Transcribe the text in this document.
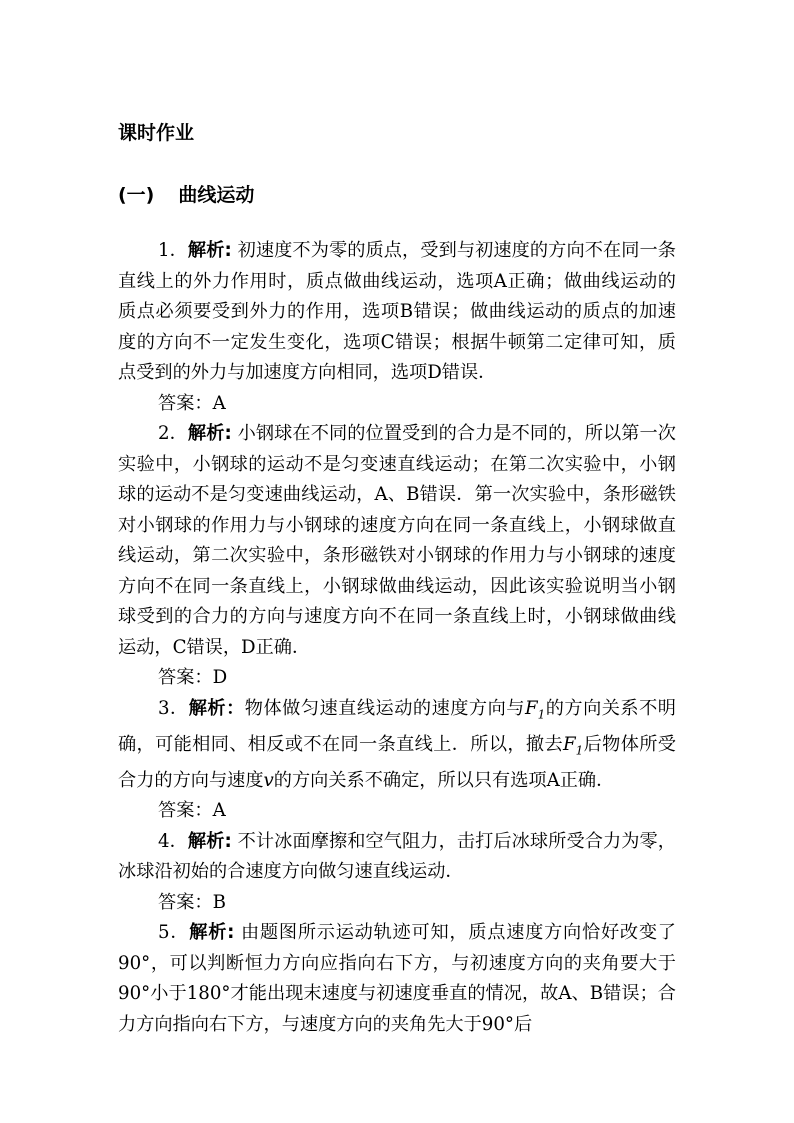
课时作业
(一) 曲线运动

1．解析: 初速度不为零的质点，受到与初速度的方向不在同一条直线上的外力作用时，质点做曲线运动，选项A正确；做曲线运动的质点必须要受到外力的作用，选项B错误；做曲线运动的质点的加速度的方向不一定发生变化，选项C错误；根据牛顿第二定律可知，质点受到的外力与加速度方向相同，选项D错误．

答案：A

2．解析: 小钢球在不同的位置受到的合力是不同的，所以第一次实验中，小钢球的运动不是匀变速直线运动；在第二次实验中，小钢球的运动不是匀变速曲线运动，A、B错误．第一次实验中，条形磁铁对小钢球的作用力与小钢球的速度方向在同一条直线上，小钢球做直线运动，第二次实验中，条形磁铁对小钢球的作用力与小钢球的速度方向不在同一条直线上，小钢球做曲线运动，因此该实验说明当小钢球受到的合力的方向与速度方向不在同一条直线上时，小钢球做曲线运动，C错误，D正确．

答案：D

3．解析：物体做匀速直线运动的速度方向与$F_1$的方向关系不明确，可能相同、相反或不在同一条直线上．所以，撤去$F_1$后物体所受合力的方向与速度v的方向关系不确定，所以只有选项A正确．

答案：A

4．解析: 不计冰面摩擦和空气阻力，击打后冰球所受合力为零，冰球沿初始的合速度方向做匀速直线运动．

答案：B

5．解析: 由题图所示运动轨迹可知，质点速度方向恰好改变了90°，可以判断恒力方向应指向右下方，与初速度方向的夹角要大于90°小于180°才能出现末速度与初速度垂直的情况，故A、B错误；合力方向指向右下方，与速度方向的夹角先大于90°后
